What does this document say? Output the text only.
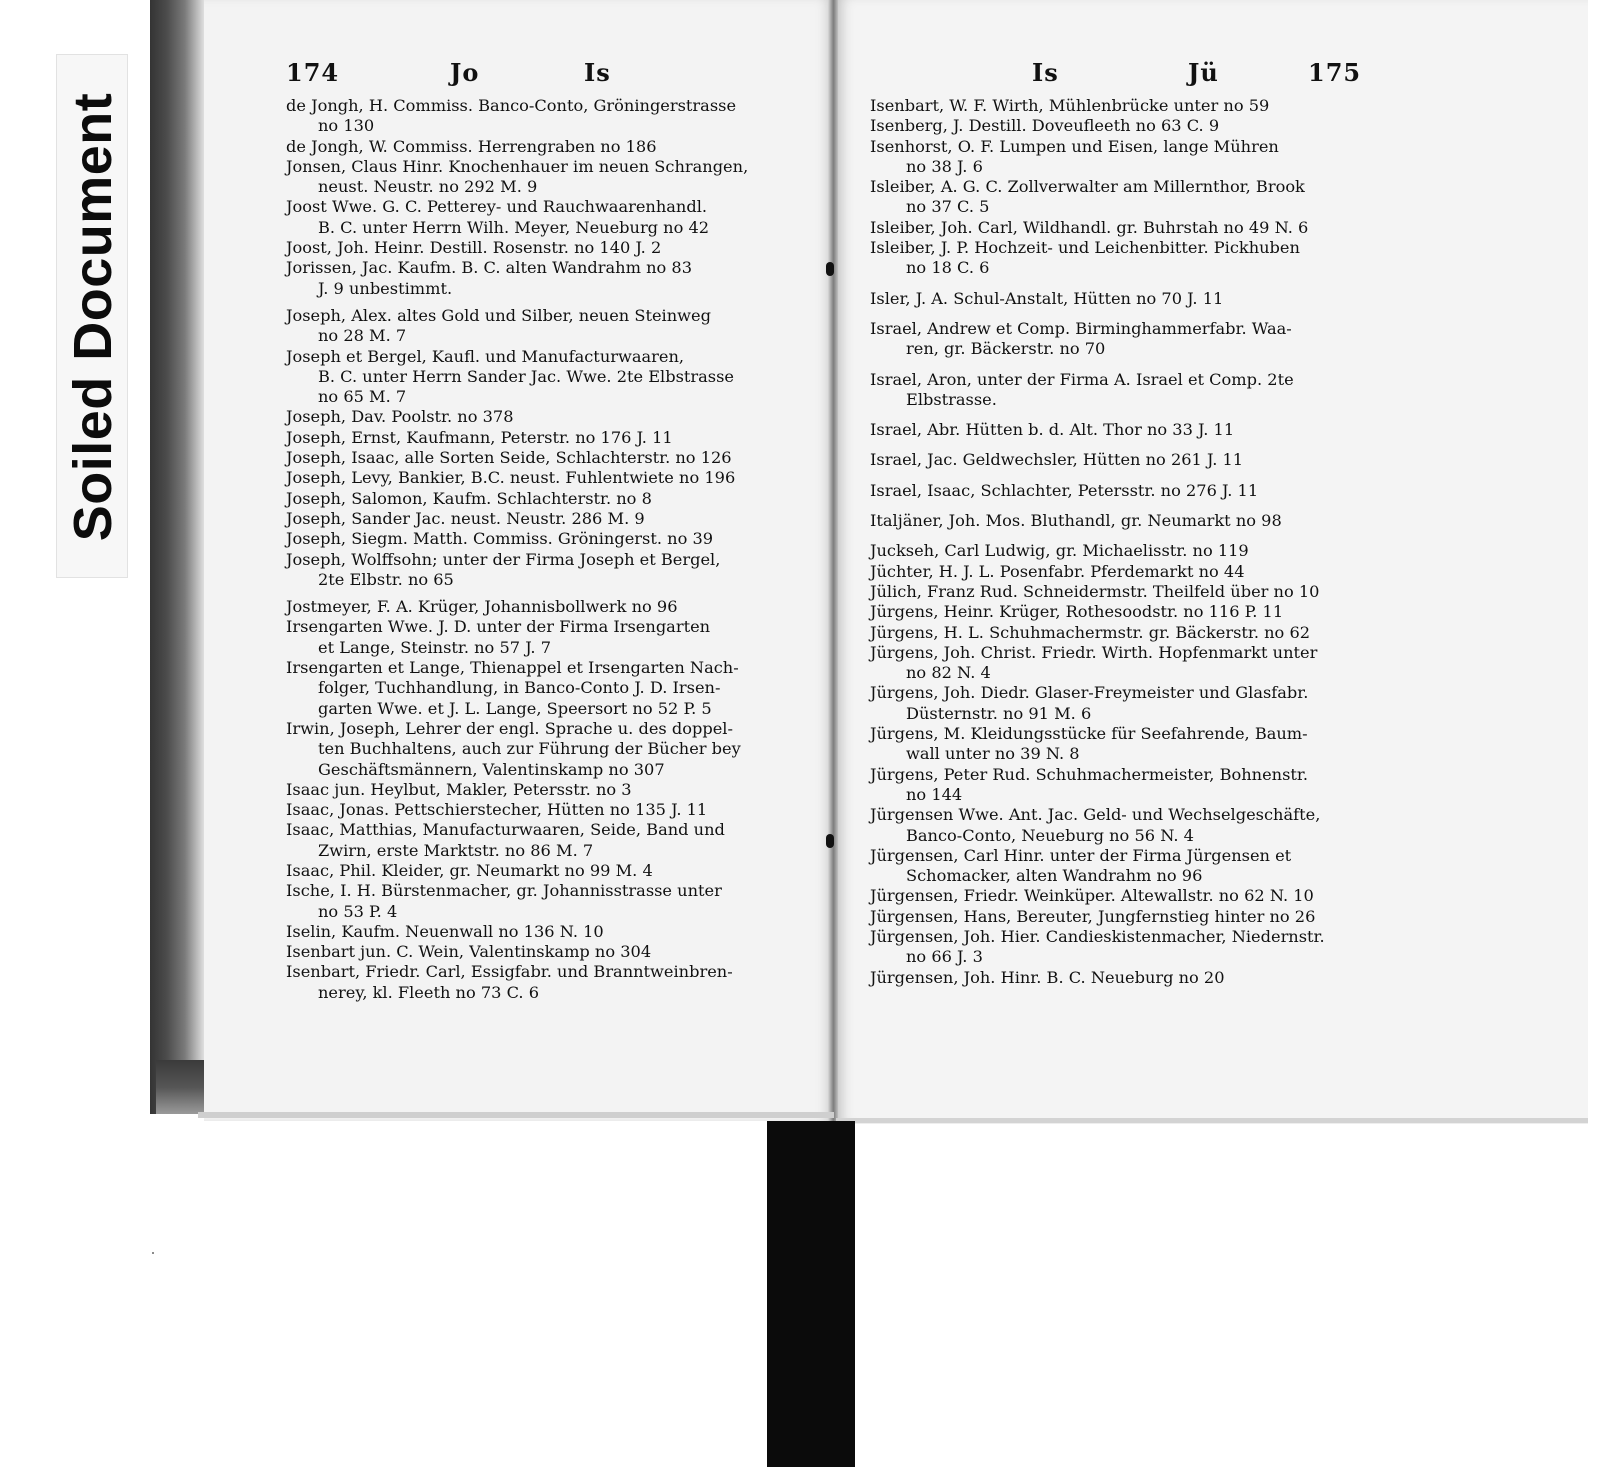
Soiled Document
174	Jo	Is
de Jongh, H. Commiss. Banco-Conto, Gröningerstrasse
no 130
de Jongh, W. Commiss. Herrengraben no 186
Jonsen, Claus Hinr. Knochenhauer im neuen Schrangen,
neust. Neustr. no 292 M. 9
Joost Wwe. G. C. Petterey- und Rauchwaarenhandl.
B. C. unter Herrn Wilh. Meyer, Neueburg no 42
Joost, Joh. Heinr. Destill. Rosenstr. no 140 J. 2
Jorissen, Jac. Kaufm. B. C. alten Wandrahm no 83
J. 9 unbestimmt.
Joseph, Alex. altes Gold und Silber, neuen Steinweg
no 28 M. 7
Joseph et Bergel, Kaufl. und Manufacturwaaren,
B. C. unter Herrn Sander Jac. Wwe. 2te Elbstrasse
no 65 M. 7
Joseph, Dav. Poolstr. no 378
Joseph, Ernst, Kaufmann, Peterstr. no 176 J. 11
Joseph, Isaac, alle Sorten Seide, Schlachterstr. no 126
Joseph, Levy, Bankier, B.C. neust. Fuhlentwiete no 196
Joseph, Salomon, Kaufm. Schlachterstr. no 8
Joseph, Sander Jac. neust. Neustr. 286 M. 9
Joseph, Siegm. Matth. Commiss. Gröningerst. no 39
Joseph, Wolffsohn; unter der Firma Joseph et Bergel,
2te Elbstr. no 65
Jostmeyer, F. A. Krüger, Johannisbollwerk no 96
Irsengarten Wwe. J. D. unter der Firma Irsengarten
et Lange, Steinstr. no 57 J. 7
Irsengarten et Lange, Thienappel et Irsengarten Nach-
folger, Tuchhandlung, in Banco-Conto J. D. Irsen-
garten Wwe. et J. L. Lange, Speersort no 52 P. 5
Irwin, Joseph, Lehrer der engl. Sprache u. des doppel-
ten Buchhaltens, auch zur Führung der Bücher bey
Geschäftsmännern, Valentinskamp no 307
Isaac jun. Heylbut, Makler, Petersstr. no 3
Isaac, Jonas. Pettschierstecher, Hütten no 135 J. 11
Isaac, Matthias, Manufacturwaaren, Seide, Band und
Zwirn, erste Marktstr. no 86 M. 7
Isaac, Phil. Kleider, gr. Neumarkt no 99 M. 4
Ische, I. H. Bürstenmacher, gr. Johannisstrasse unter
no 53 P. 4
Iselin, Kaufm. Neuenwall no 136 N. 10
Isenbart jun. C. Wein, Valentinskamp no 304
Isenbart, Friedr. Carl, Essigfabr. und Branntweinbren-
nerey, kl. Fleeth no 73 C. 6
Is	Jü	175
Isenbart, W. F. Wirth, Mühlenbrücke unter no 59
Isenberg, J. Destill. Doveufleeth no 63 C. 9
Isenhorst, O. F. Lumpen und Eisen, lange Mühren
no 38 J. 6
Isleiber, A. G. C. Zollverwalter am Millernthor, Brook
no 37 C. 5
Isleiber, Joh. Carl, Wildhandl. gr. Buhrstah no 49 N. 6
Isleiber, J. P. Hochzeit- und Leichenbitter. Pickhuben
no 18 C. 6
Isler, J. A. Schul-Anstalt, Hütten no 70 J. 11
Israel, Andrew et Comp. Birminghammerfabr. Waa-
ren, gr. Bäckerstr. no 70
Israel, Aron, unter der Firma A. Israel et Comp. 2te
Elbstrasse.
Israel, Abr. Hütten b. d. Alt. Thor no 33 J. 11
Israel, Jac. Geldwechsler, Hütten no 261 J. 11
Israel, Isaac, Schlachter, Petersstr. no 276 J. 11
Italjäner, Joh. Mos. Bluthandl, gr. Neumarkt no 98
Juckseh, Carl Ludwig, gr. Michaelisstr. no 119
Jüchter, H. J. L. Posenfabr. Pferdemarkt no 44
Jülich, Franz Rud. Schneidermstr. Theilfeld über no 10
Jürgens, Heinr. Krüger, Rothesoodstr. no 116 P. 11
Jürgens, H. L. Schuhmachermstr. gr. Bäckerstr. no 62
Jürgens, Joh. Christ. Friedr. Wirth. Hopfenmarkt unter
no 82 N. 4
Jürgens, Joh. Diedr. Glaser-Freymeister und Glasfabr.
Düsternstr. no 91 M. 6
Jürgens, M. Kleidungsstücke für Seefahrende, Baum-
wall unter no 39 N. 8
Jürgens, Peter Rud. Schuhmachermeister, Bohnenstr.
no 144
Jürgensen Wwe. Ant. Jac. Geld- und Wechselgeschäfte,
Banco-Conto, Neueburg no 56 N. 4
Jürgensen, Carl Hinr. unter der Firma Jürgensen et
Schomacker, alten Wandrahm no 96
Jürgensen, Friedr. Weinküper. Altewallstr. no 62 N. 10
Jürgensen, Hans, Bereuter, Jungfernstieg hinter no 26
Jürgensen, Joh. Hier. Candieskistenmacher, Niedernstr.
no 66 J. 3
Jürgensen, Joh. Hinr. B. C. Neueburg no 20
